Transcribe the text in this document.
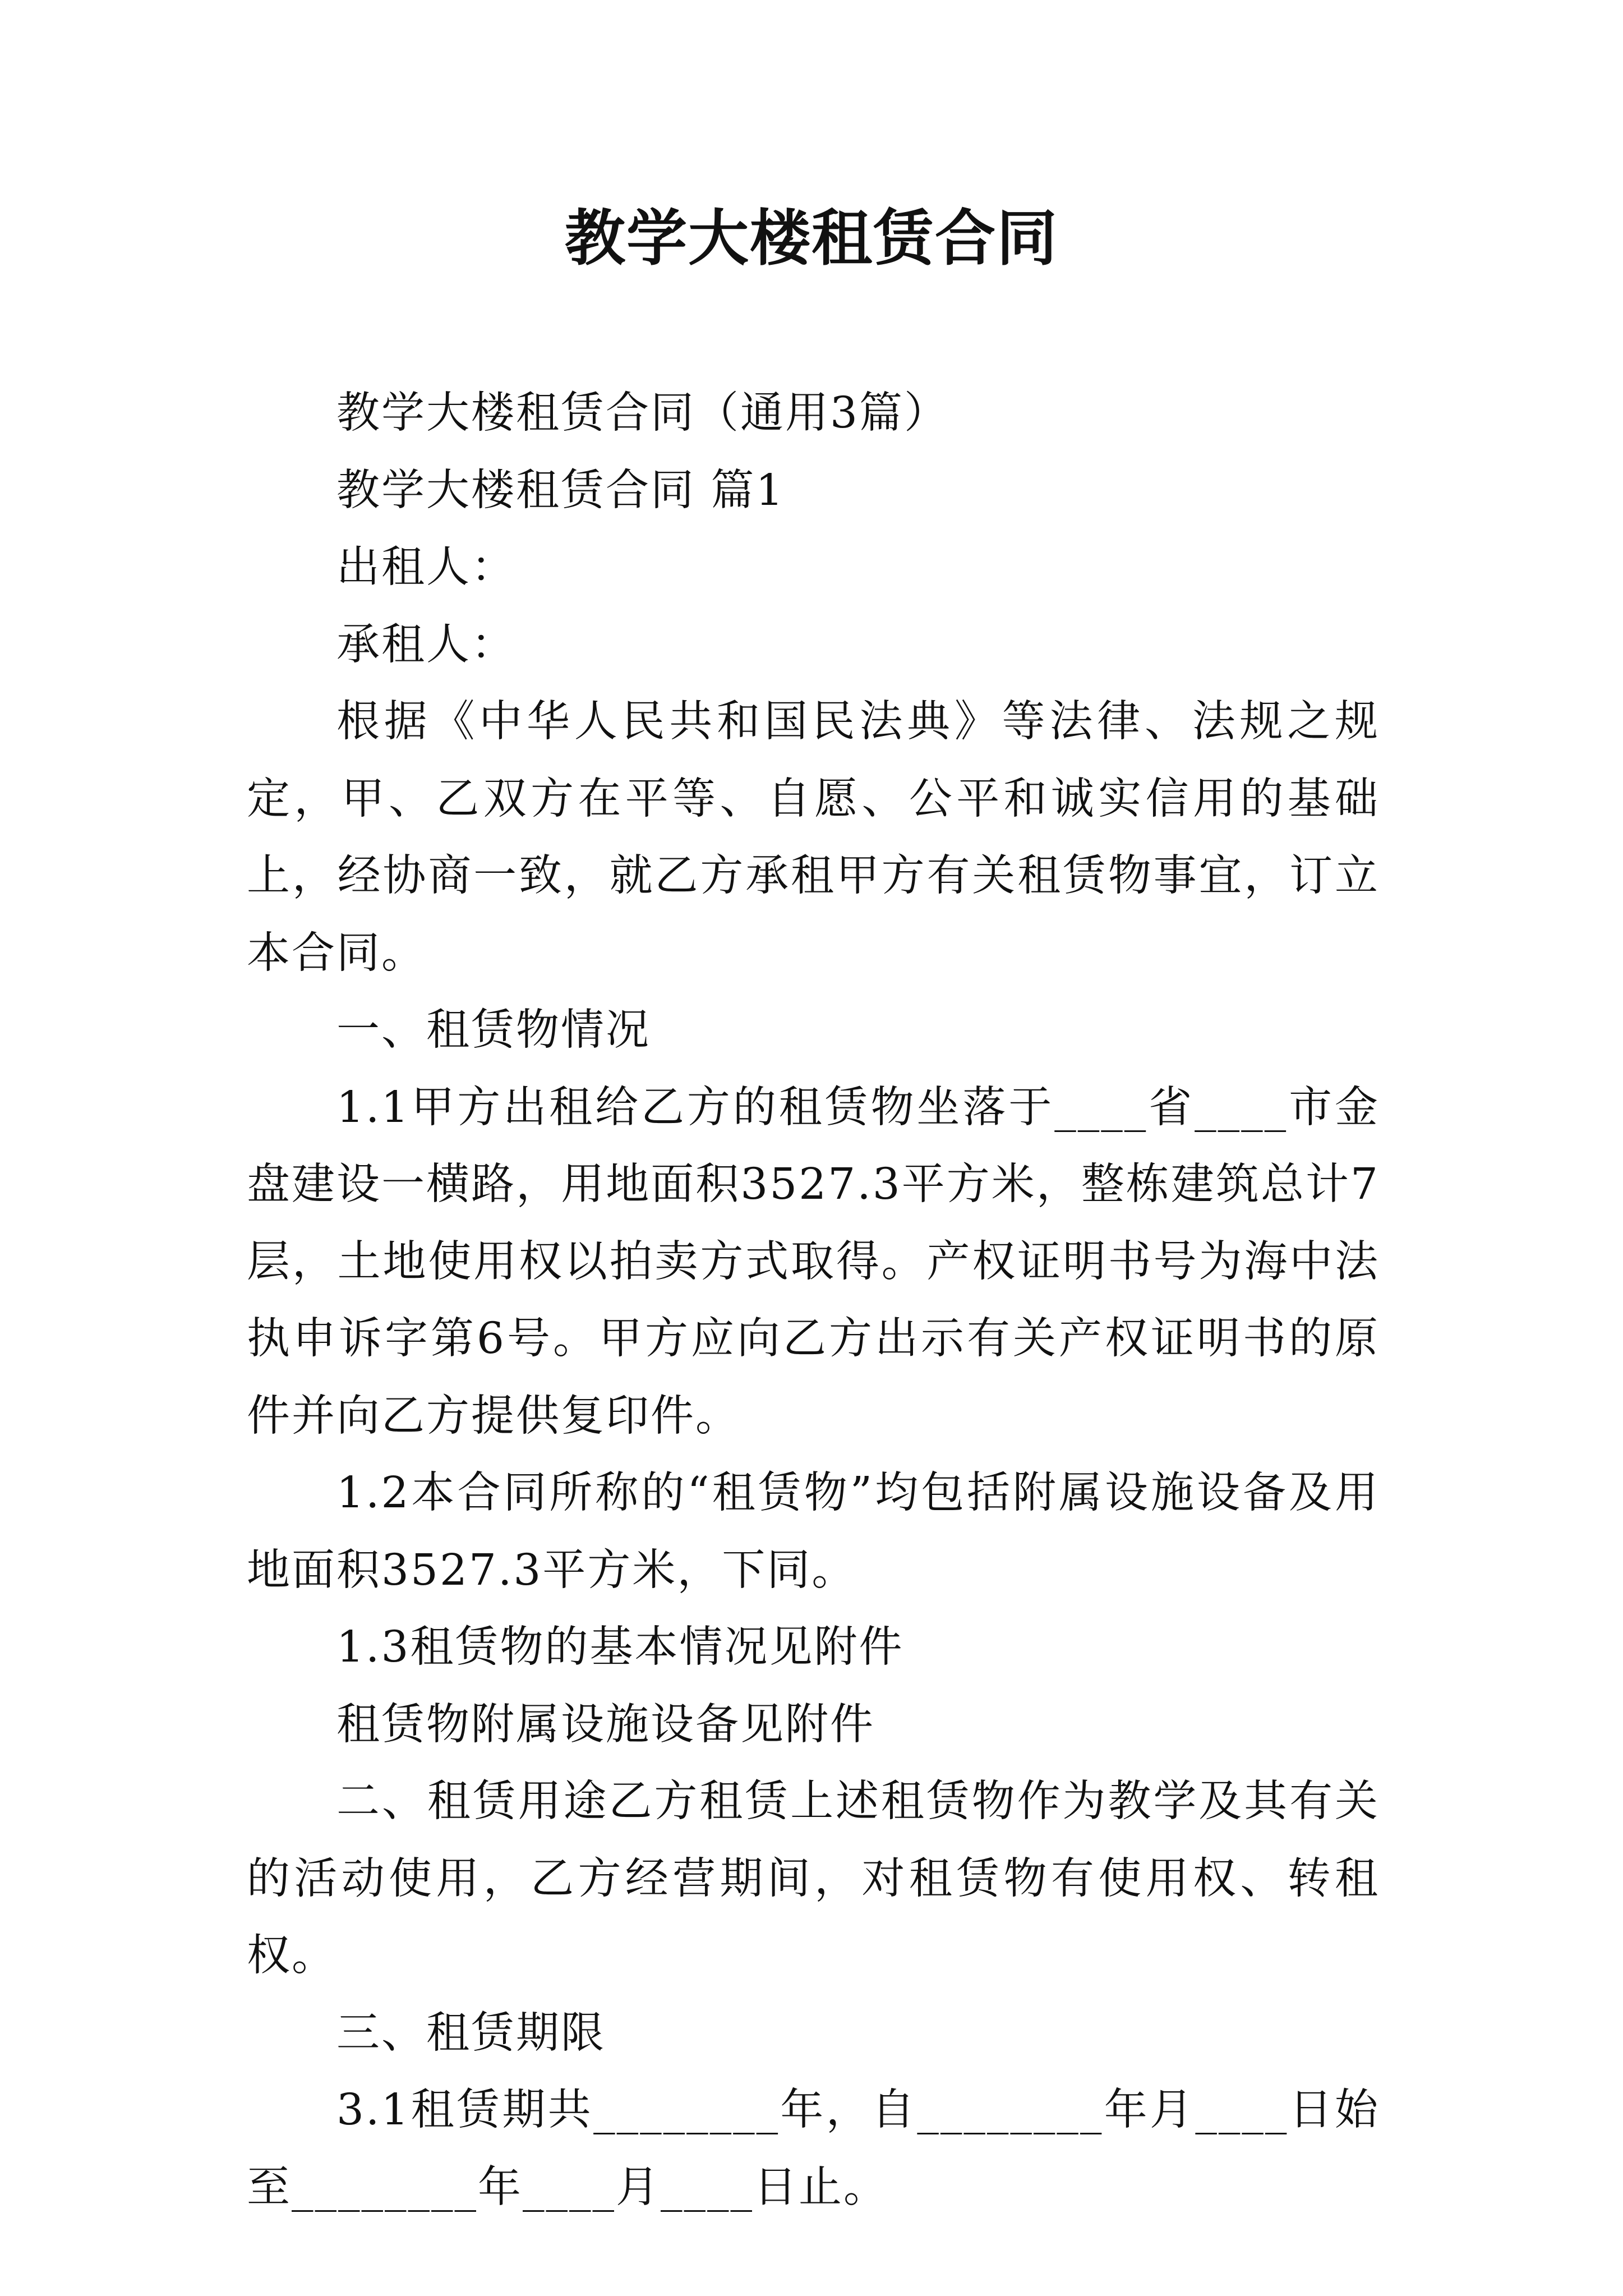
教学大楼租赁合同

教学大楼租赁合同（通用3篇）

教学大楼租赁合同 篇1

出租人：

承租人：

根据《中华人民共和国民法典》等法律、法规之规定，甲、乙双方在平等、自愿、公平和诚实信用的基础上，经协商一致，就乙方承租甲方有关租赁物事宜，订立本合同。

一、租赁物情况

1.1甲方出租给乙方的租赁物坐落于____省____市金盘建设一横路，用地面积3527.3平方米，整栋建筑总计7层，土地使用权以拍卖方式取得。产权证明书号为海中法执申诉字第6号。甲方应向乙方出示有关产权证明书的原件并向乙方提供复印件。

1.2本合同所称的“租赁物”均包括附属设施设备及用地面积3527.3平方米，下同。

1.3租赁物的基本情况见附件

租赁物附属设施设备见附件

二、租赁用途乙方租赁上述租赁物作为教学及其有关的活动使用，乙方经营期间，对租赁物有使用权、转租权。

三、租赁期限

3.1租赁期共________年，自________年月____日始至________年____月____日止。
